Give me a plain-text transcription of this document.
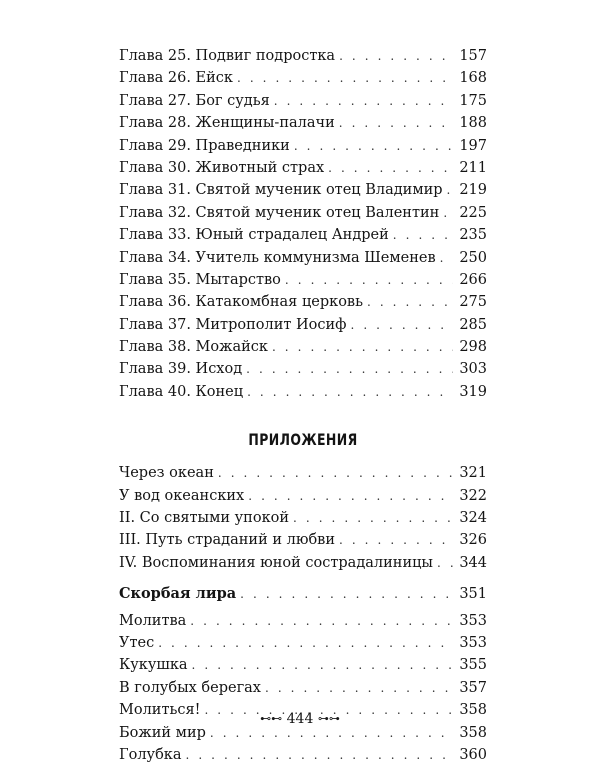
Глава 25. Подвиг подростка . . .	157
Глава 26. Ейск . . .	168
Глава 27. Бог судья . . .	175
Глава 28. Женщины-палачи . . .	188
Глава 29. Праведники . . .	197
Глава 30. Животный страх . . .	211
Глава 31. Святой мученик отец Владимир . . . 219
Глава 32. Святой мученик отец Валентин . . . 225
Глава 33. Юный страдалец Андрей . . .	235
Глава 34. Учитель коммунизма Шеменев . . . 250
Глава 35. Мытарство . . .	266
Глава 36. Катакомбная церковь . . .	275
Глава 37. Митрополит Иосиф . . .	285
Глава 38. Можайск . . .	298
Глава 39. Исход . . .	303
Глава 40. Конец . . .	319
ПРИЛОЖЕНИЯ
Через океан . . .	321
У вод океанских . . .	322
II. Со святыми упокой . . .	324
III. Путь страданий и любви . . .	326
IV. Воспоминания юной сострадалиницы . . . 344
Скорбая лира . . .	351
Молитва . . .	353
Утес . . .	353
Кукушка . . .	355
В голубых берегах . . .	357
Молиться! . . .	358
Божий мир . . .	358
Голубка . . .	360
⊷⊷ 444 ⊶⊶
